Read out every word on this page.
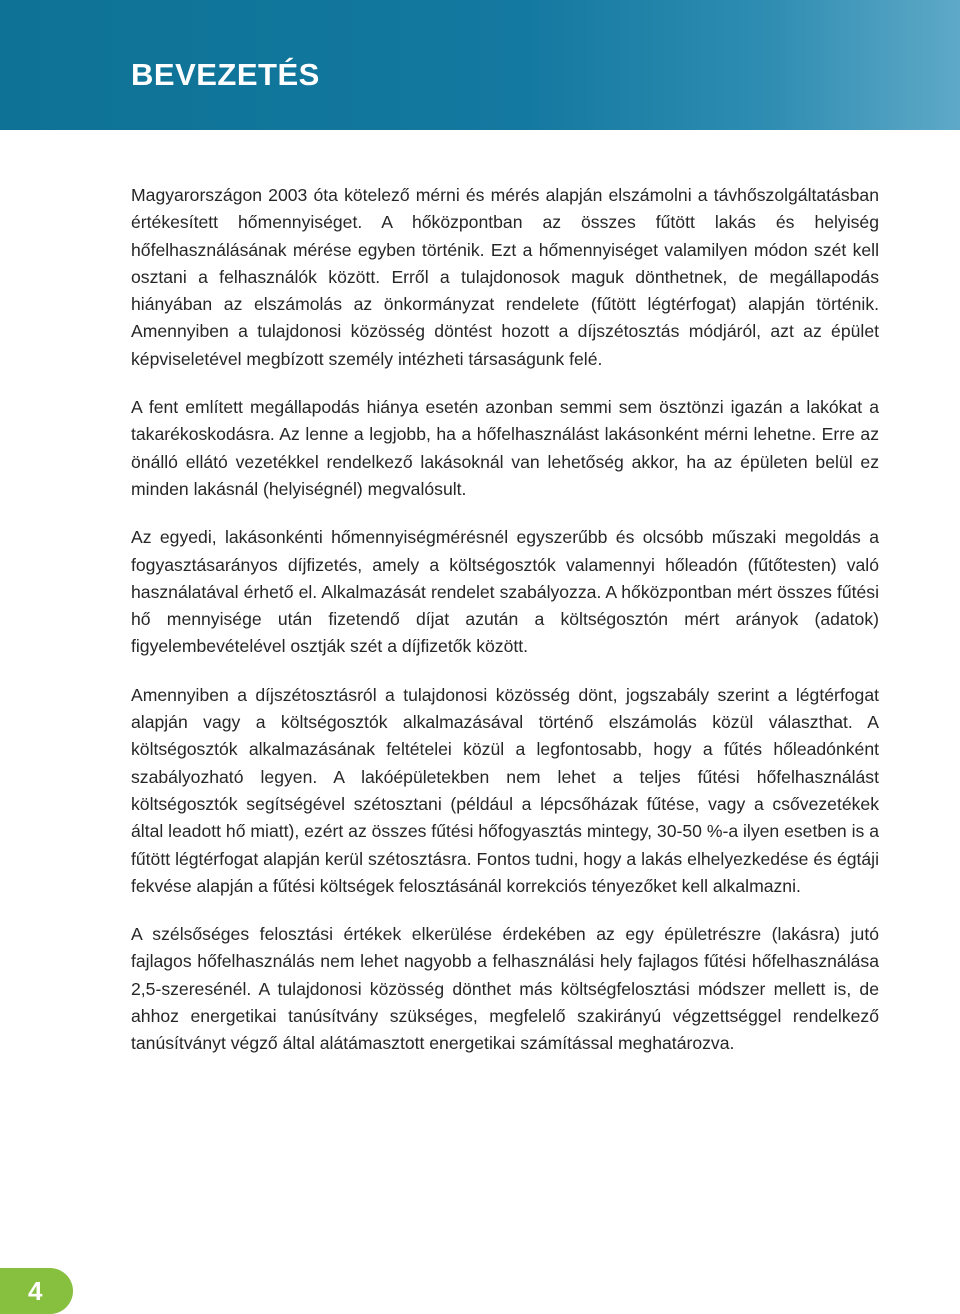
BEVEZETÉS

Magyarországon 2003 óta kötelező mérni és mérés alapján elszámolni a távhőszolgáltatásban értékesített hőmennyiséget. A hőközpontban az összes fűtött lakás és helyiség hőfelhasználásának mérése egyben történik. Ezt a hőmennyiséget valamilyen módon szét kell osztani a felhasználók között. Erről a tulajdonosok maguk dönthetnek, de megállapodás hiányában az elszámolás az önkormányzat rendelete (fűtött légtérfogat) alapján történik. Amennyiben a tulajdonosi közösség döntést hozott a díjszétosztás módjáról, azt az épület képviseletével megbízott személy intézheti társaságunk felé.

A fent említett megállapodás hiánya esetén azonban semmi sem ösztönzi igazán a lakókat a takarékoskodásra. Az lenne a legjobb, ha a hőfelhasználást lakásonként mérni lehetne. Erre az önálló ellátó vezetékkel rendelkező lakásoknál van lehetőség akkor, ha az épületen belül ez minden lakásnál (helyiségnél) megvalósult.

Az egyedi, lakásonkénti hőmennyiségmérésnél egyszerűbb és olcsóbb műszaki megoldás a fogyasztásarányos díjfizetés, amely a költségosztók valamennyi hőleadón (fűtőtesten) való használatával érhető el. Alkalmazását rendelet szabályozza. A hőközpontban mért összes fűtési hő mennyisége után fizetendő díjat azután a költségosztón mért arányok (adatok) figyelembevételével osztják szét a díjfizetők között.

Amennyiben a díjszétosztásról a tulajdonosi közösség dönt, jogszabály szerint a légtérfogat alapján vagy a költségosztók alkalmazásával történő elszámolás közül választhat. A költségosztók alkalmazásának feltételei közül a legfontosabb, hogy a fűtés hőleadónként szabályozható legyen. A lakóépületekben nem lehet a teljes fűtési hőfelhasználást költségosztók segítségével szétosztani (például a lépcsőházak fűtése, vagy a csővezetékek által leadott hő miatt), ezért az összes fűtési hőfogyasztás mintegy, 30-50 %-a ilyen esetben is a fűtött légtérfogat alapján kerül szétosztásra. Fontos tudni, hogy a lakás elhelyezkedése és égtáji fekvése alapján a fűtési költségek felosztásánál korrekciós tényezőket kell alkalmazni.

A szélsőséges felosztási értékek elkerülése érdekében az egy épületrészre (lakásra) jutó fajlagos hőfelhasználás nem lehet nagyobb a felhasználási hely fajlagos fűtési hőfelhasználása 2,5-szeresénél. A tulajdonosi közösség dönthet más költségfelosztási módszer mellett is, de ahhoz energetikai tanúsítvány szükséges, megfelelő szakirányú végzettséggel rendelkező tanúsítványt végző által alátámasztott energetikai számítással meghatározva.

4
